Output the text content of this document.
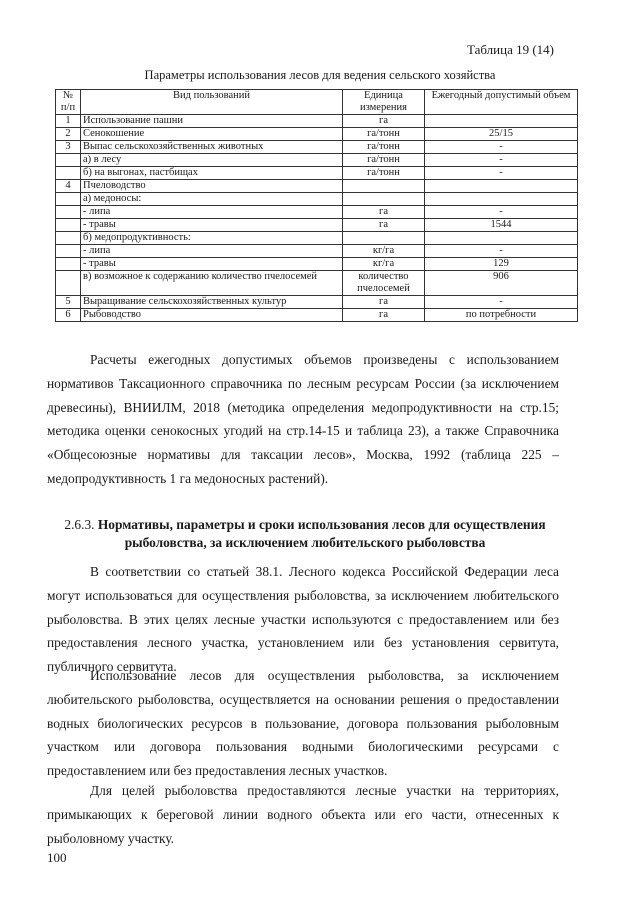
Таблица 19 (14)
Параметры использования лесов для ведения сельского хозяйства
№ п/п	Вид пользований	Единица измерения	Ежегодный допустимый объем
1	Использование пашни	га	
2	Сенокошение	га/тонн	25/15
3	Выпас сельскохозяйственных животных	га/тонн	-
	а) в лесу	га/тонн	-
	б) на выгонах, пастбищах	га/тонн	-
4	Пчеловодство		
	а) медоносы:		
	- липа	га	-
	- травы	га	1544
	б) медопродуктивность:		
	- липа	кг/га	-
	- травы	кг/га	129
	в) возможное к содержанию количество пчелосемей	количество пчелосемей	906
5	Выращивание сельскохозяйственных культур	га	-
6	Рыбоводство	га	по потребности

Расчеты ежегодных допустимых объемов произведены с использованием нормативов Таксационного справочника по лесным ресурсам России (за исключением древесины), ВНИИЛМ, 2018 (методика определения медопродуктивности на стр.15; методика оценки сенокосных угодий на стр.14-15 и таблица 23), а также Справочника «Общесоюзные нормативы для таксации лесов», Москва, 1992 (таблица 225 –медопродуктивность 1 га медоносных растений).

2.6.3. Нормативы, параметры и сроки использования лесов для осуществления рыболовства, за исключением любительского рыболовства

В соответствии со статьей 38.1. Лесного кодекса Российской Федерации леса могут использоваться для осуществления рыболовства, за исключением любительского рыболовства. В этих целях лесные участки используются с предоставлением или без предоставления лесного участка, установлением или без установления сервитута, публичного сервитута.

Использование лесов для осуществления рыболовства, за исключением любительского рыболовства, осуществляется на основании решения о предоставлении водных биологических ресурсов в пользование, договора пользования рыболовным участком или договора пользования водными биологическими ресурсами с предоставлением или без предоставления лесных участков.

Для целей рыболовства предоставляются лесные участки на территориях, примыкающих к береговой линии водного объекта или его части, отнесенных к рыболовному участку.

100
